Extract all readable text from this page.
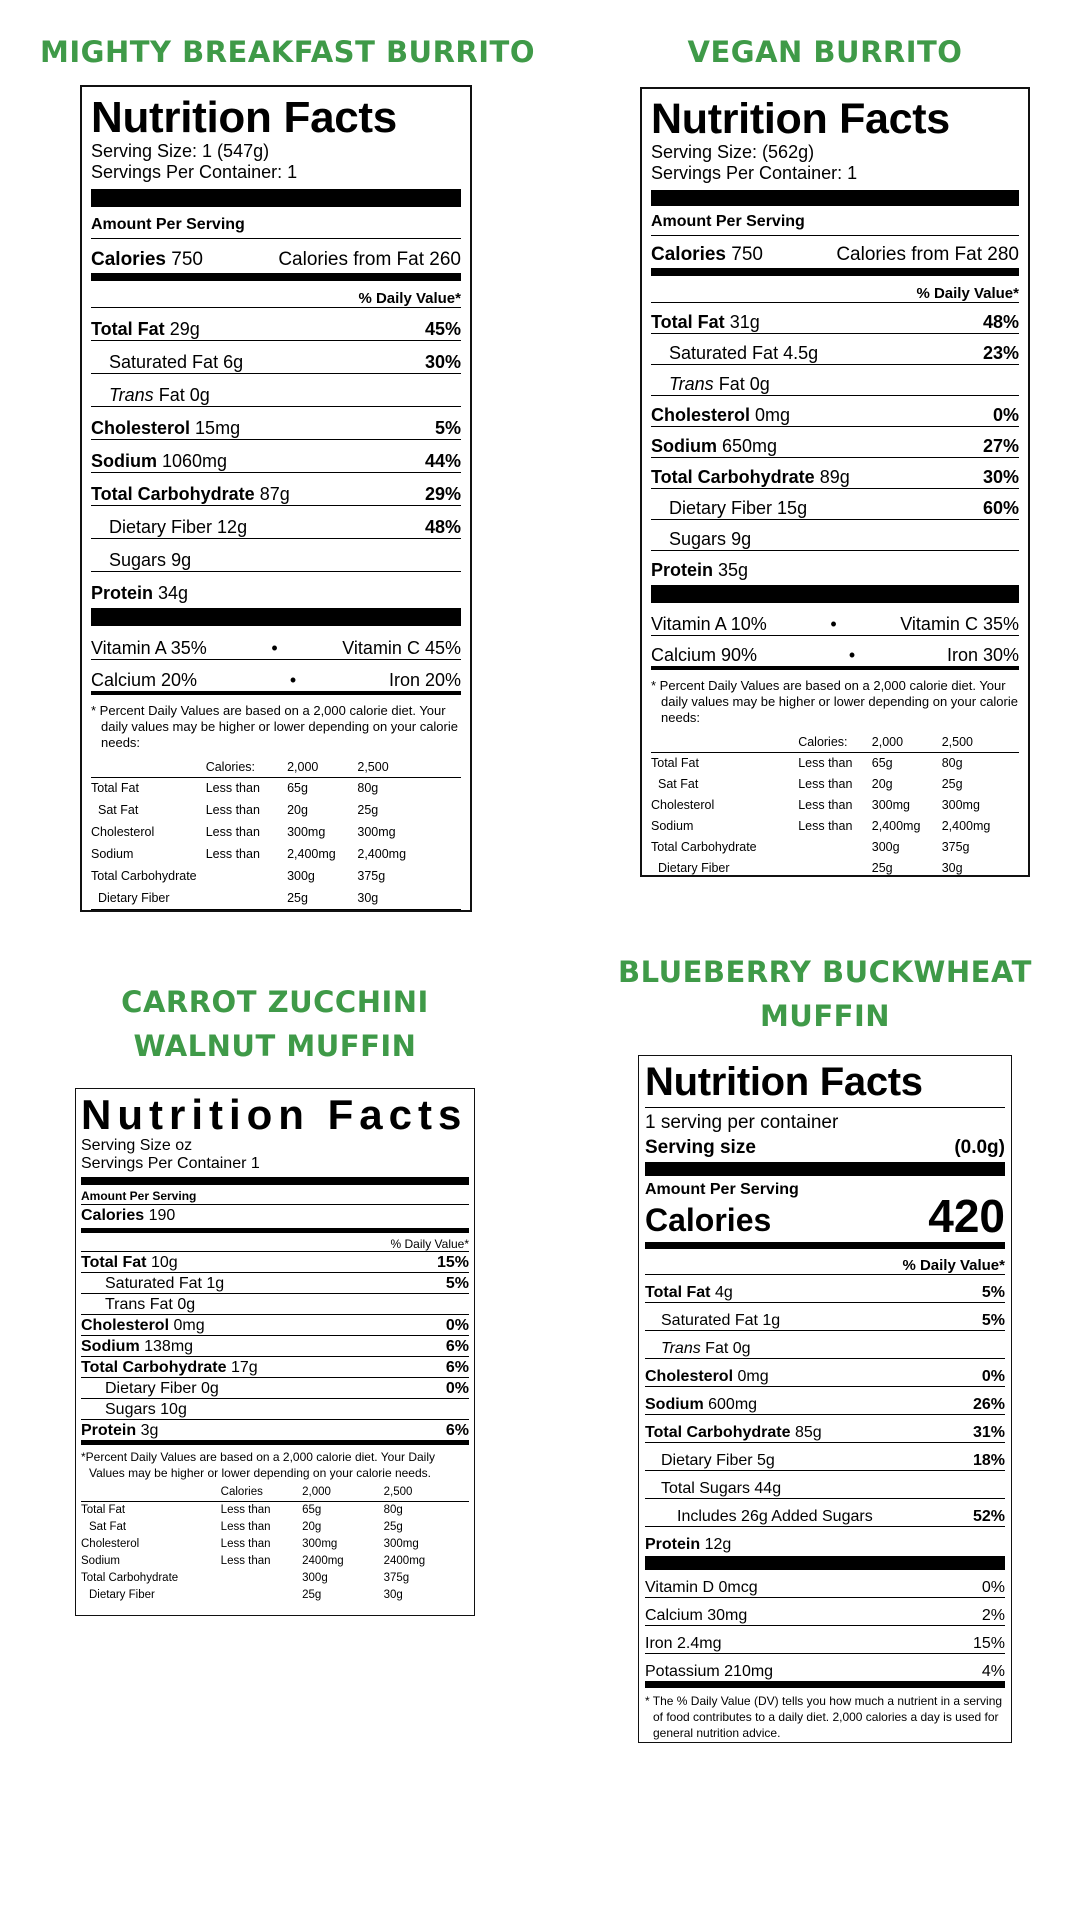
MIGHTY BREAKFAST BURRITO	VEGAN BURRITO
CARROT ZUCCHINI
WALNUT MUFFIN
BLUEBERRY BUCKWHEAT
MUFFIN
Nutrition Facts
Serving Size: 1 (547g)
Servings Per Container: 1
Amount Per Serving
Calories 750	Calories from Fat 260
% Daily Value*
Total Fat 29g	45%
Saturated Fat 6g	30%
Trans Fat 0g
Cholesterol 15mg	5%
Sodium 1060mg	44%
Total Carbohydrate 87g	29%
Dietary Fiber 12g	48%
Sugars 9g
Protein 34g
Vitamin A 35%	•	Vitamin C 45%
Calcium 20%	•	Iron 20%
* Percent Daily Values are based on a 2,000 calorie diet. Your daily values may be higher or lower depending on your calorie needs:
	Calories:	2,000	2,500
Total Fat	Less than	65g	80g
Sat Fat	Less than	20g	25g
Cholesterol	Less than	300mg	300mg
Sodium	Less than	2,400mg	2,400mg
Total Carbohydrate		300g	375g
Dietary Fiber		25g	30g
Nutrition Facts
Serving Size: (562g)
Servings Per Container: 1
Amount Per Serving
Calories 750	Calories from Fat 280
% Daily Value*
Total Fat 31g	48%
Saturated Fat 4.5g	23%
Trans Fat 0g
Cholesterol 0mg	0%
Sodium 650mg	27%
Total Carbohydrate 89g	30%
Dietary Fiber 15g	60%
Sugars 9g
Protein 35g
Vitamin A 10%	•	Vitamin C 35%
Calcium 90%	•	Iron 30%
* Percent Daily Values are based on a 2,000 calorie diet. Your daily values may be higher or lower depending on your calorie needs:
	Calories:	2,000	2,500
Total Fat	Less than	65g	80g
Sat Fat	Less than	20g	25g
Cholesterol	Less than	300mg	300mg
Sodium	Less than	2,400mg	2,400mg
Total Carbohydrate		300g	375g
Dietary Fiber		25g	30g
Nutrition Facts
Serving Size oz
Servings Per Container 1
Amount Per Serving
Calories 190
% Daily Value*
Total Fat 10g	15%
Saturated Fat 1g	5%
Trans Fat 0g
Cholesterol 0mg	0%
Sodium 138mg	6%
Total Carbohydrate 17g	6%
Dietary Fiber 0g	0%
Sugars 10g
Protein 3g	6%
*Percent Daily Values are based on a 2,000 calorie diet. Your Daily Values may be higher or lower depending on your calorie needs.
	Calories	2,000	2,500
Total Fat	Less than	65g	80g
Sat Fat	Less than	20g	25g
Cholesterol	Less than	300mg	300mg
Sodium	Less than	2400mg	2400mg
Total Carbohydrate		300g	375g
Dietary Fiber		25g	30g
Nutrition Facts
1 serving per container
Serving size	(0.0g)
Amount Per Serving
Calories	420
% Daily Value*
Total Fat 4g	5%
Saturated Fat 1g	5%
Trans Fat 0g
Cholesterol 0mg	0%
Sodium 600mg	26%
Total Carbohydrate 85g	31%
Dietary Fiber 5g	18%
Total Sugars 44g
Includes 26g Added Sugars	52%
Protein 12g
Vitamin D 0mcg	0%
Calcium 30mg	2%
Iron 2.4mg	15%
Potassium 210mg	4%
* The % Daily Value (DV) tells you how much a nutrient in a serving of food contributes to a daily diet. 2,000 calories a day is used for general nutrition advice.
